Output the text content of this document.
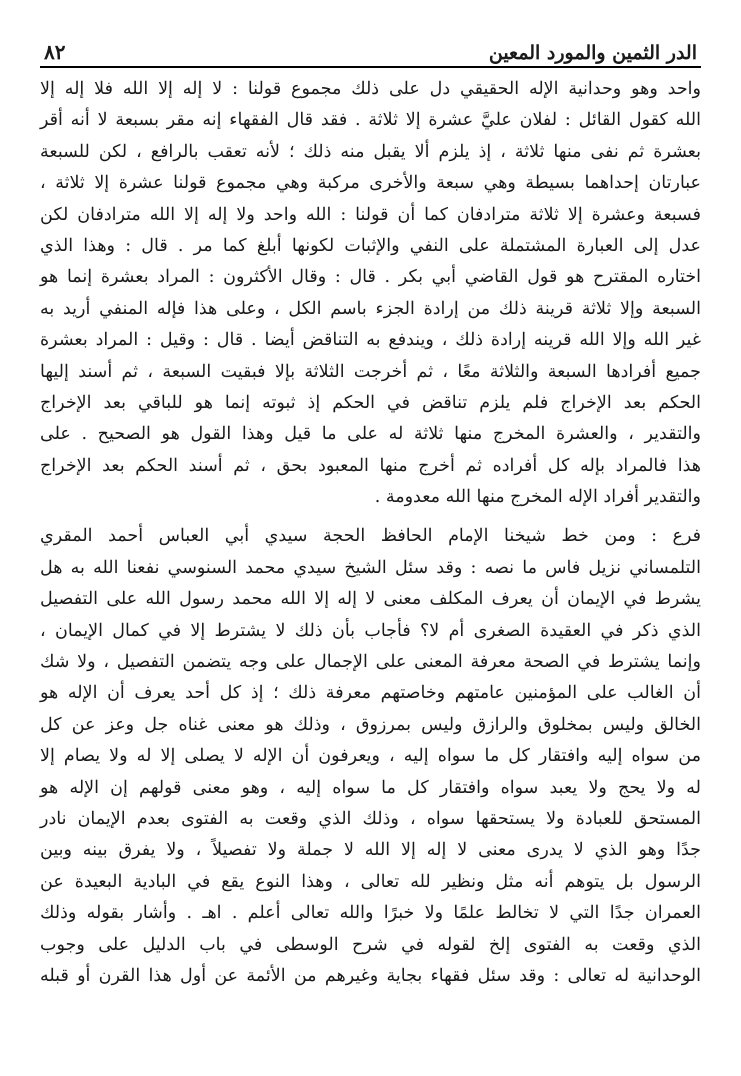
الدر الثمين والمورد المعين
٨٢
واحد وهو وحدانية الإله الحقيقي دل على ذلك مجموع قولنا : لا إله إلا الله فلا إله إلا
الله كقول القائل : لفلان عليَّ عشرة إلا ثلاثة . فقد قال الفقهاء إنه مقر بسبعة لا أنه أقر
بعشرة ثم نفى منها ثلاثة ، إذ يلزم ألا يقبل منه ذلك ؛ لأنه تعقب بالرافع ، لكن للسبعة
عبارتان إحداهما بسيطة وهي سبعة والأخرى مركبة وهي مجموع قولنا عشرة إلا ثلاثة ،
فسبعة وعشرة إلا ثلاثة مترادفان كما أن قولنا : الله واحد ولا إله إلا الله مترادفان لكن
عدل إلى العبارة المشتملة على النفي والإثبات لكونها أبلغ كما مر . قال : وهذا الذي
اختاره المقترح هو قول القاضي أبي بكر . قال : وقال الأكثرون : المراد بعشرة إنما هو
السبعة وإلا ثلاثة قرينة ذلك من إرادة الجزء باسم الكل ، وعلى هذا فإله المنفي أريد به
غير الله وإلا الله قرينه إرادة ذلك ، ويندفع به التناقض أيضا . قال : وقيل : المراد بعشرة
جميع أفرادها السبعة والثلاثة معًا ، ثم أخرجت الثلاثة بإلا فبقيت السبعة ، ثم أسند إليها
الحكم بعد الإخراج فلم يلزم تناقض في الحكم إذ ثبوته إنما هو للباقي بعد الإخراج
والتقدير ، والعشرة المخرج منها ثلاثة له على ما قيل وهذا القول هو الصحيح . على
هذا فالمراد بإله كل أفراده ثم أخرج منها المعبود بحق ، ثم أسند الحكم بعد الإخراج
والتقدير أفراد الإله المخرج منها الله معدومة .
فرع : ومن خط شيخنا الإمام الحافظ الحجة سيدي أبي العباس أحمد المقري
التلمساني نزيل فاس ما نصه : وقد سئل الشيخ سيدي محمد السنوسي نفعنا الله به هل
يشرط في الإيمان أن يعرف المكلف معنى لا إله إلا الله محمد رسول الله على التفصيل
الذي ذكر في العقيدة الصغرى أم لا؟ فأجاب بأن ذلك لا يشترط إلا في كمال الإيمان ،
وإنما يشترط في الصحة معرفة المعنى على الإجمال على وجه يتضمن التفصيل ، ولا شك
أن الغالب على المؤمنين عامتهم وخاصتهم معرفة ذلك ؛ إذ كل أحد يعرف أن الإله هو
الخالق وليس بمخلوق والرازق وليس بمرزوق ، وذلك هو معنى غناه جل وعز عن كل
من سواه إليه وافتقار كل ما سواه إليه ، ويعرفون أن الإله لا يصلى إلا له ولا يصام إلا
له ولا يحج ولا يعبد سواه وافتقار كل ما سواه إليه ، وهو معنى قولهم إن الإله هو
المستحق للعبادة ولا يستحقها سواه ، وذلك الذي وقعت به الفتوى بعدم الإيمان نادر
جدًا وهو الذي لا يدرى معنى لا إله إلا الله لا جملة ولا تفصيلاً ، ولا يفرق بينه وبين
الرسول بل يتوهم أنه مثل ونظير لله تعالى ، وهذا النوع يقع في البادية البعيدة عن
العمران جدًا التي لا تخالط علمًا ولا خبرًا والله تعالى أعلم . اهـ . وأشار بقوله وذلك
الذي وقعت به الفتوى إلخ لقوله في شرح الوسطى في باب الدليل على وجوب
الوحدانية له تعالى : وقد سئل فقهاء بجاية وغيرهم من الأئمة عن أول هذا القرن أو قبله
